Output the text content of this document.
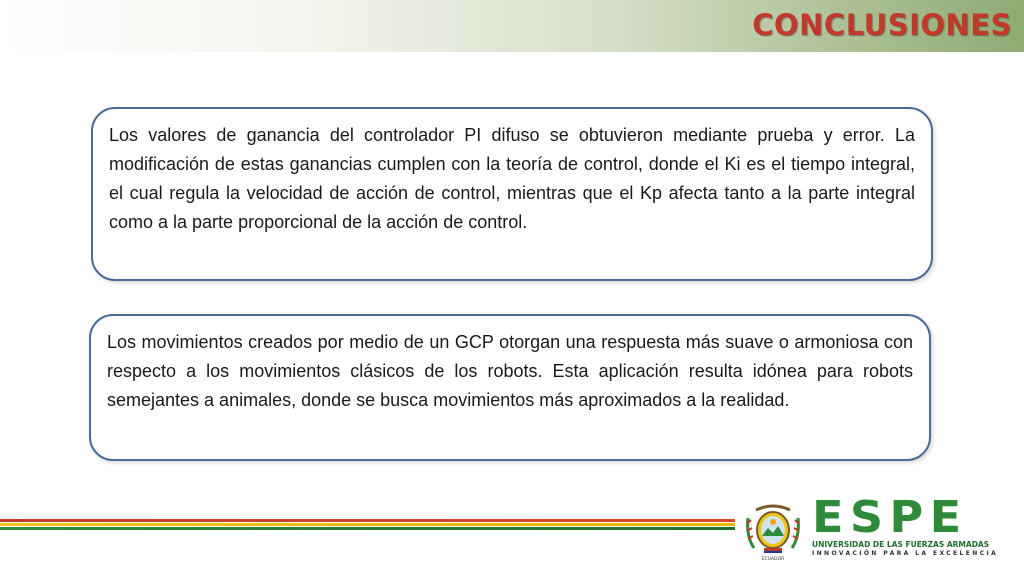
CONCLUSIONES
Los valores de ganancia del controlador PI difuso se obtuvieron mediante prueba y error. La modificación de estas ganancias cumplen con la teoría de control, donde el Ki es el tiempo integral, el cual regula la velocidad de acción de control, mientras que el Kp afecta tanto a la parte integral como a la parte proporcional de la acción de control.
Los movimientos creados por medio de un GCP otorgan una respuesta más suave o armoniosa con respecto a los movimientos clásicos de los robots. Esta aplicación resulta idónea para robots semejantes a animales, donde se busca movimientos más aproximados a la realidad.
ECUADOR
ESPE
UNIVERSIDAD DE LAS FUERZAS ARMADAS
INNOVACIÓN PARA LA EXCELENCIA
